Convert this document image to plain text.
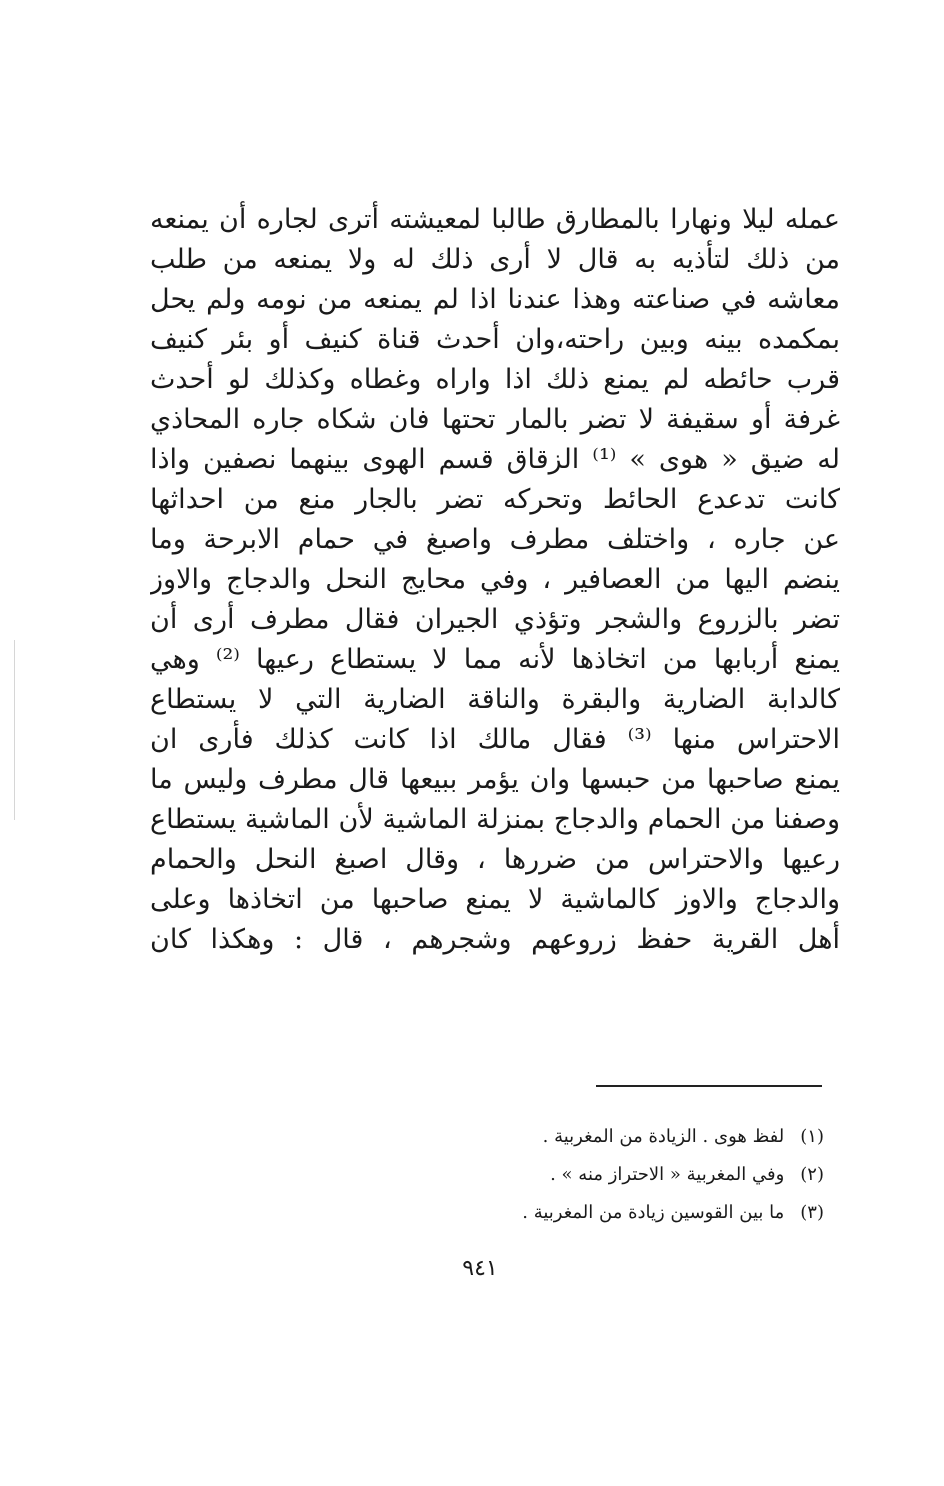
عمله ليلا ونهارا بالمطارق طالبا لمعيشته أترى لجاره أن يمنعه
من ذلك لتأذيه به قال لا أرى ذلك له ولا يمنعه من طلب
معاشه في صناعته وهذا عندنا اذا لم يمنعه من نومه ولم يحل
بمكمده بينه وبين راحته،وان أحدث قناة كنيف أو بئر كنيف
قرب حائطه لم يمنع ذلك اذا واراه وغطاه وكذلك لو أحدث
غرفة أو سقيفة لا تضر بالمار تحتها فان شكاه جاره المحاذي
له ضيق « هوى » ⁽¹⁾ الزقاق قسم الهوى بينهما نصفين واذا
كانت تدعدع الحائط وتحركه تضر بالجار منع من احداثها
عن جاره ، واختلف مطرف واصبغ في حمام الابرحة وما
ينضم اليها من العصافير ، وفي محايج النحل والدجاج والاوز
تضر بالزروع والشجر وتؤذي الجيران فقال مطرف أرى أن
يمنع أربابها من اتخاذها لأنه مما لا يستطاع رعيها ⁽²⁾ وهي
كالدابة الضارية والبقرة والناقة الضارية التي لا يستطاع
الاحتراس منها ⁽³⁾ فقال مالك اذا كانت كذلك فأرى ان
يمنع صاحبها من حبسها وان يؤمر ببيعها قال مطرف وليس ما
وصفنا من الحمام والدجاج بمنزلة الماشية لأن الماشية يستطاع
رعيها والاحتراس من ضررها ، وقال اصبغ النحل والحمام
والدجاج والاوز كالماشية لا يمنع صاحبها من اتخاذها وعلى
أهل القرية حفظ زروعهم وشجرهم ، قال : وهكذا كان
(١) لفظ هوى . الزيادة من المغربية .
(٢) وفي المغربية « الاحتراز منه » .
(٣) ما بين القوسين زيادة من المغربية .
٩٤١
